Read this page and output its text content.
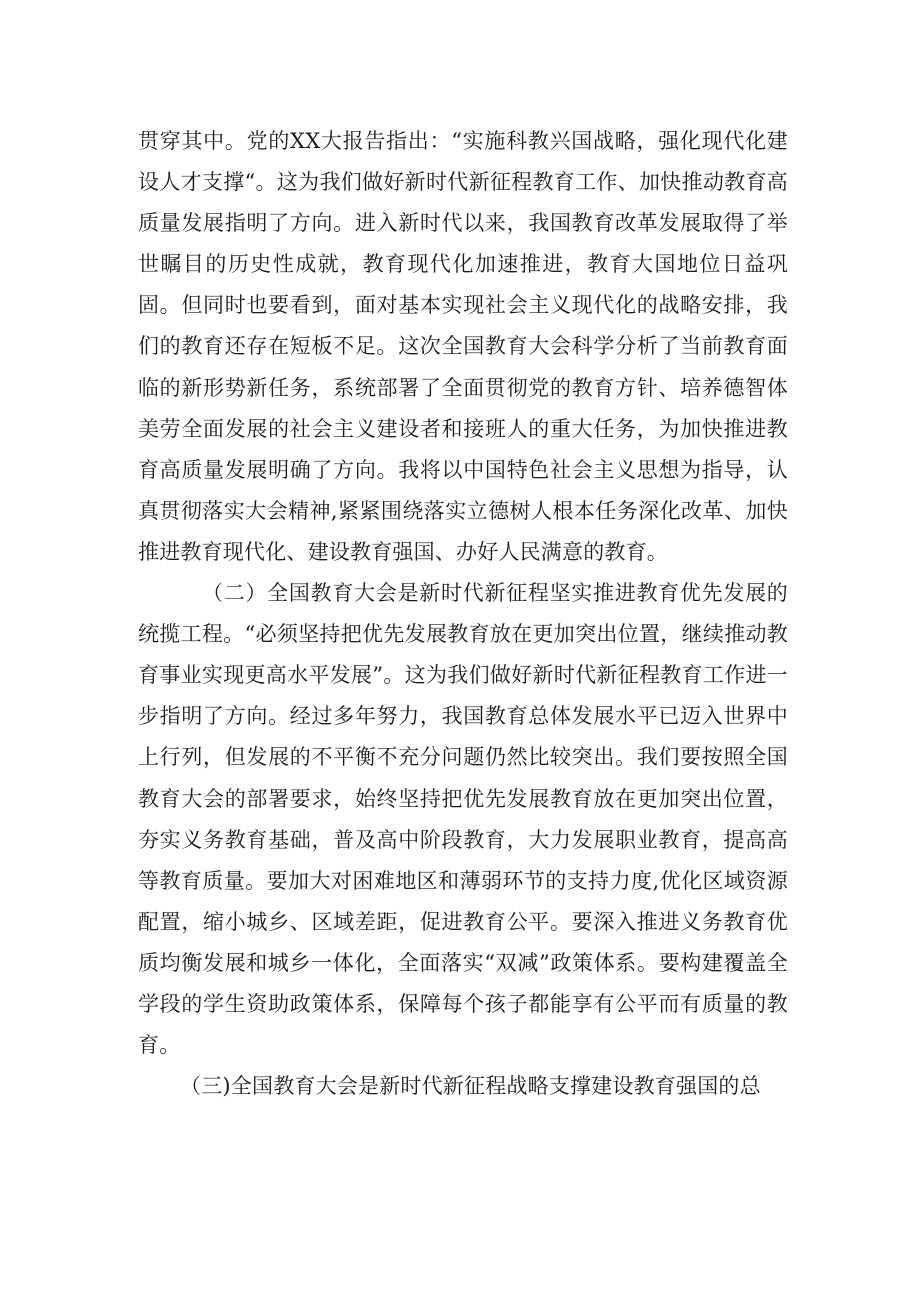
贯穿其中。党的XX大报告指出：“实施科教兴国战略，强化现代化建设人才支撑“。这为我们做好新时代新征程教育工作、加快推动教育高质量发展指明了方向。进入新时代以来，我国教育改革发展取得了举世瞩目的历史性成就，教育现代化加速推进，教育大国地位日益巩固。但同时也要看到，面对基本实现社会主义现代化的战略安排，我们的教育还存在短板不足。这次全国教育大会科学分析了当前教育面临的新形势新任务，系统部署了全面贯彻党的教育方针、培养德智体美劳全面发展的社会主义建设者和接班人的重大任务，为加快推进教育高质量发展明确了方向。我将以中国特色社会主义思想为指导，认真贯彻落实大会精神,紧紧围绕落实立德树人根本任务深化改革、加快推进教育现代化、建设教育强国、办好人民满意的教育。

（二）全国教育大会是新时代新征程坚实推进教育优先发展的统揽工程。“必须坚持把优先发展教育放在更加突出位置，继续推动教育事业实现更高水平发展”。这为我们做好新时代新征程教育工作进一步指明了方向。经过多年努力，我国教育总体发展水平已迈入世界中上行列，但发展的不平衡不充分问题仍然比较突出。我们要按照全国教育大会的部署要求，始终坚持把优先发展教育放在更加突出位置，夯实义务教育基础，普及高中阶段教育，大力发展职业教育，提高高等教育质量。要加大对困难地区和薄弱环节的支持力度,优化区域资源配置，缩小城乡、区域差距，促进教育公平。要深入推进义务教育优质均衡发展和城乡一体化，全面落实“双减”政策体系。要构建覆盖全学段的学生资助政策体系，保障每个孩子都能享有公平而有质量的教育。

（三)全国教育大会是新时代新征程战略支撑建设教育强国的总
